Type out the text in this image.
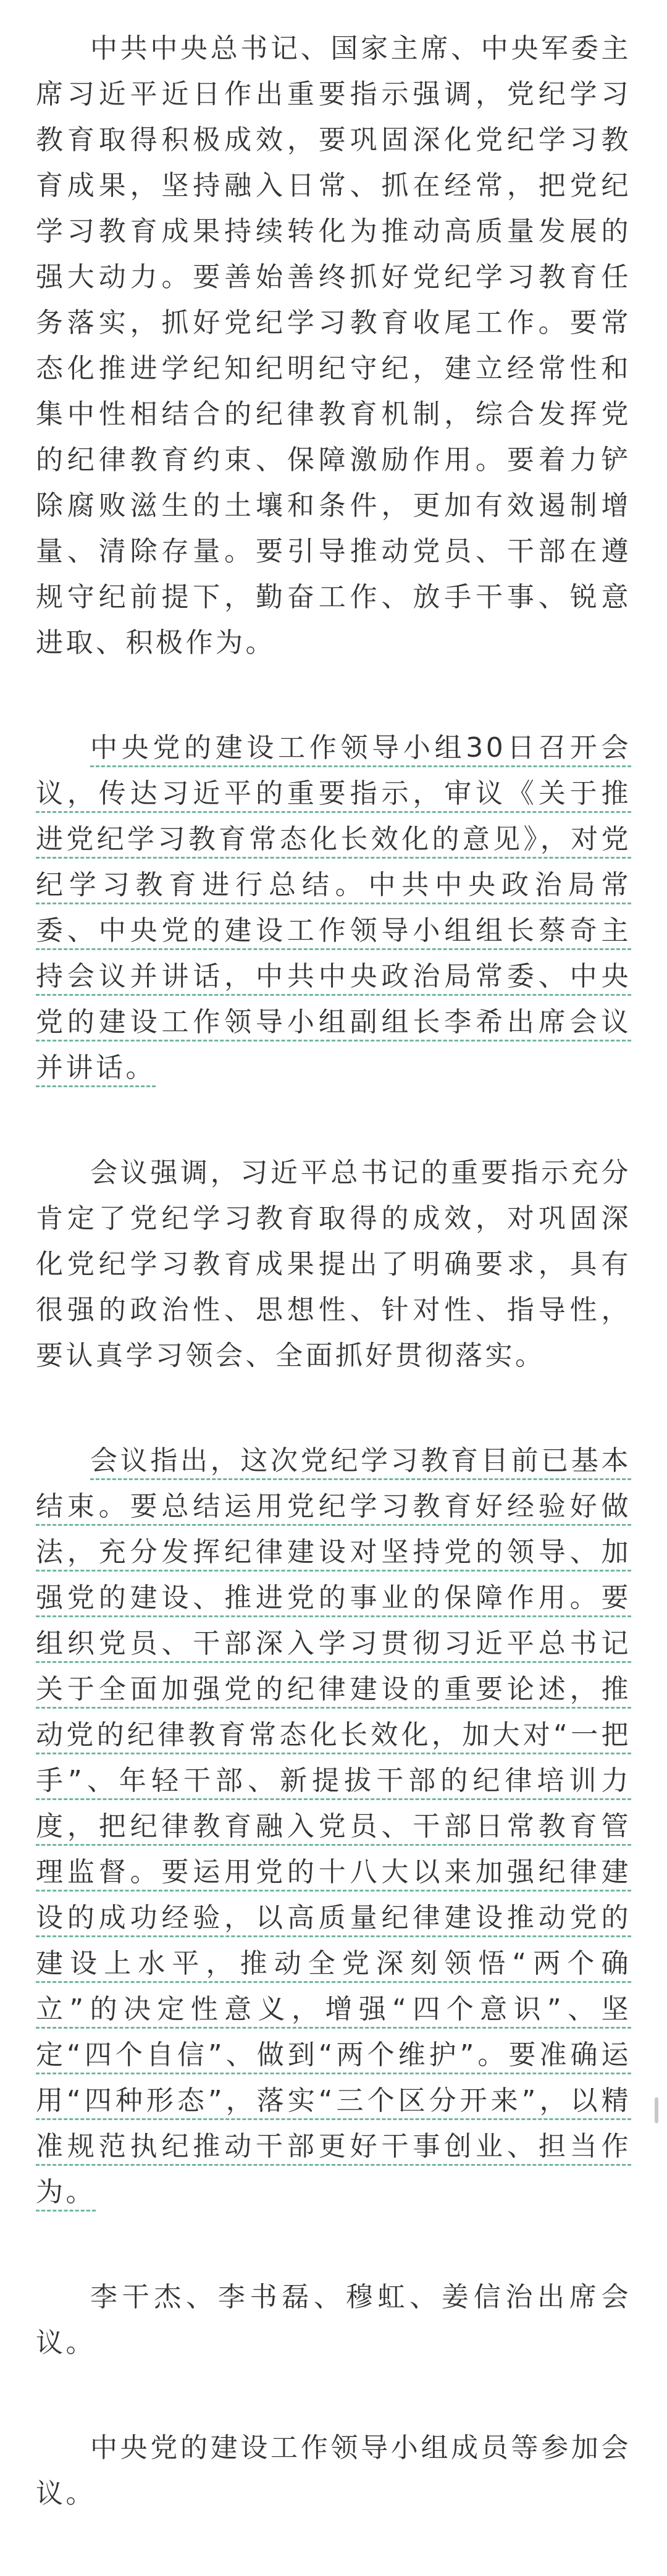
中共中央总书记、国家主席、中央军委主席习近平近日作出重要指示强调，党纪学习教育取得积极成效，要巩固深化党纪学习教育成果，坚持融入日常、抓在经常，把党纪学习教育成果持续转化为推动高质量发展的强大动力。要善始善终抓好党纪学习教育任务落实，抓好党纪学习教育收尾工作。要常态化推进学纪知纪明纪守纪，建立经常性和集中性相结合的纪律教育机制，综合发挥党的纪律教育约束、保障激励作用。要着力铲除腐败滋生的土壤和条件，更加有效遏制增量、清除存量。要引导推动党员、干部在遵规守纪前提下，勤奋工作、放手干事、锐意进取、积极作为。

中央党的建设工作领导小组30日召开会议，传达习近平的重要指示，审议《关于推进党纪学习教育常态化长效化的意见》，对党纪学习教育进行总结。中共中央政治局常委、中央党的建设工作领导小组组长蔡奇主持会议并讲话，中共中央政治局常委、中央党的建设工作领导小组副组长李希出席会议并讲话。

会议强调，习近平总书记的重要指示充分肯定了党纪学习教育取得的成效，对巩固深化党纪学习教育成果提出了明确要求，具有很强的政治性、思想性、针对性、指导性，要认真学习领会、全面抓好贯彻落实。

会议指出，这次党纪学习教育目前已基本结束。要总结运用党纪学习教育好经验好做法，充分发挥纪律建设对坚持党的领导、加强党的建设、推进党的事业的保障作用。要组织党员、干部深入学习贯彻习近平总书记关于全面加强党的纪律建设的重要论述，推动党的纪律教育常态化长效化，加大对“一把手”、年轻干部、新提拔干部的纪律培训力度，把纪律教育融入党员、干部日常教育管理监督。要运用党的十八大以来加强纪律建设的成功经验，以高质量纪律建设推动党的建设上水平，推动全党深刻领悟“两个确立”的决定性意义，增强“四个意识”、坚定“四个自信”、做到“两个维护”。要准确运用“四种形态”，落实“三个区分开来”，以精准规范执纪推动干部更好干事创业、担当作为。

李干杰、李书磊、穆虹、姜信治出席会议。

中央党的建设工作领导小组成员等参加会议。
